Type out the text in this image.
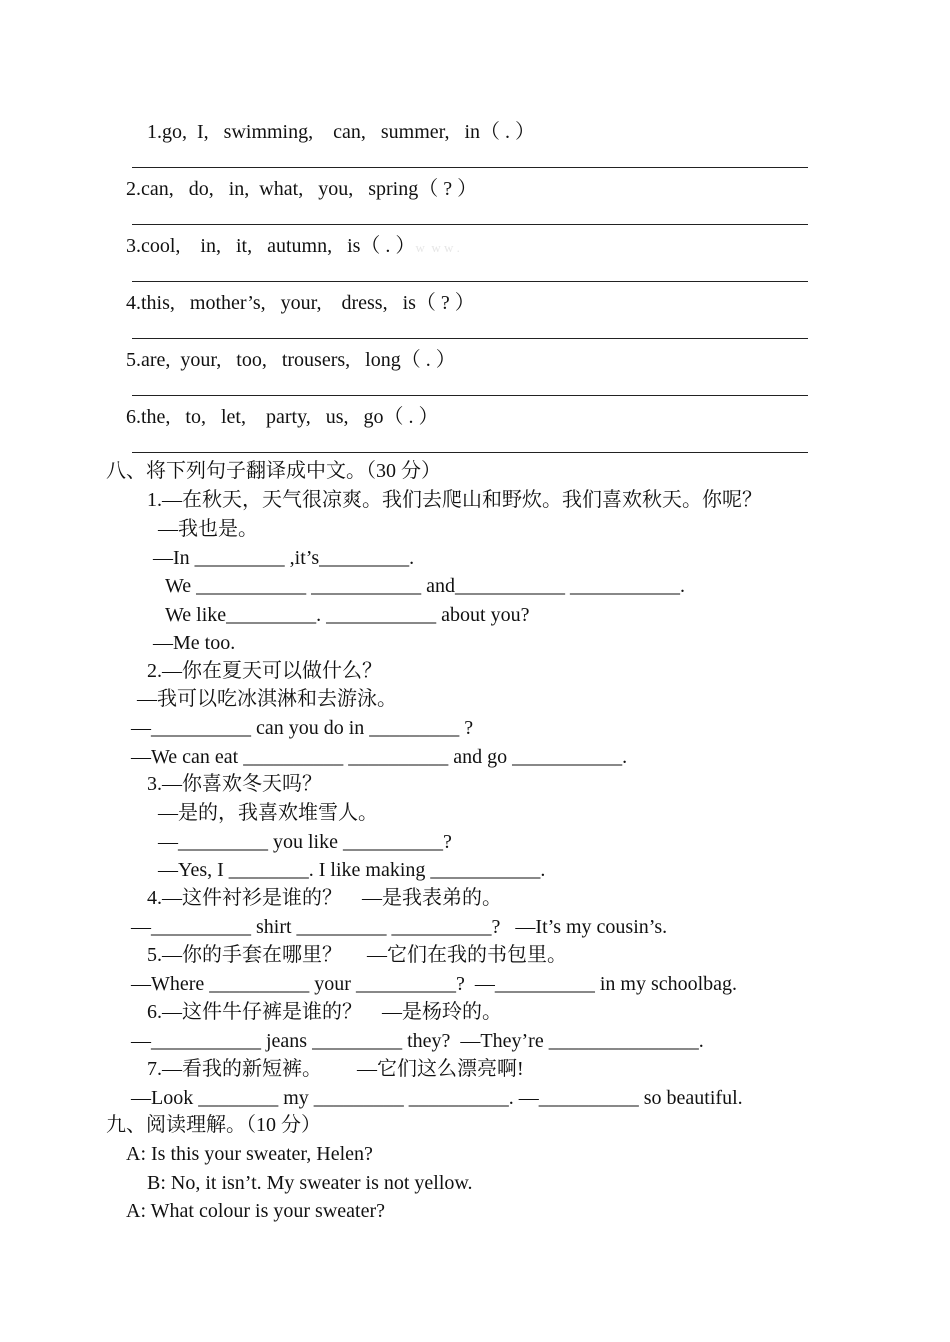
1.go,  I,   swimming,    can,   summer,   in（ . ）
2.can,   do,   in,  what,   you,   spring（ ? ）
3.cool,    in,   it,   autumn,   is（ . ）w  w w .
4.this,   mother’s,   your,    dress,   is（ ? ）
5.are,  your,   too,   trousers,   long（ . ）
6.the,   to,   let,    party,   us,   go（ . ）
八、将下列句子翻译成中文。（30 分）
1.—在秋天，天气很凉爽。我们去爬山和野炊。我们喜欢秋天。你呢？
—我也是。
—In _________ ,it’s_________.
We ___________ ___________ and___________ ___________.
We like_________. ___________ about you?
—Me too.
2.—你在夏天可以做什么？
—我可以吃冰淇淋和去游泳。
—__________ can you do in _________ ?
—We can eat __________ __________ and go ___________.
3.—你喜欢冬天吗？
—是的，我喜欢堆雪人。
—_________ you like __________?
—Yes, I ________. I like making ___________.
4.—这件衬衫是谁的？    —是我表弟的。
—__________ shirt _________ __________?   —It’s my cousin’s.
5.—你的手套在哪里？     —它们在我的书包里。
—Where __________ your __________?  —__________ in my schoolbag.
6.—这件牛仔裤是谁的？    —是杨玲的。
—___________ jeans _________ they?  —They’re _______________.
7.—看我的新短裤。       —它们这么漂亮啊!
—Look ________ my _________ __________. —__________ so beautiful.
九、阅读理解。（10 分）
A: Is this your sweater, Helen?
B: No, it isn’t. My sweater is not yellow.
A: What colour is your sweater?
